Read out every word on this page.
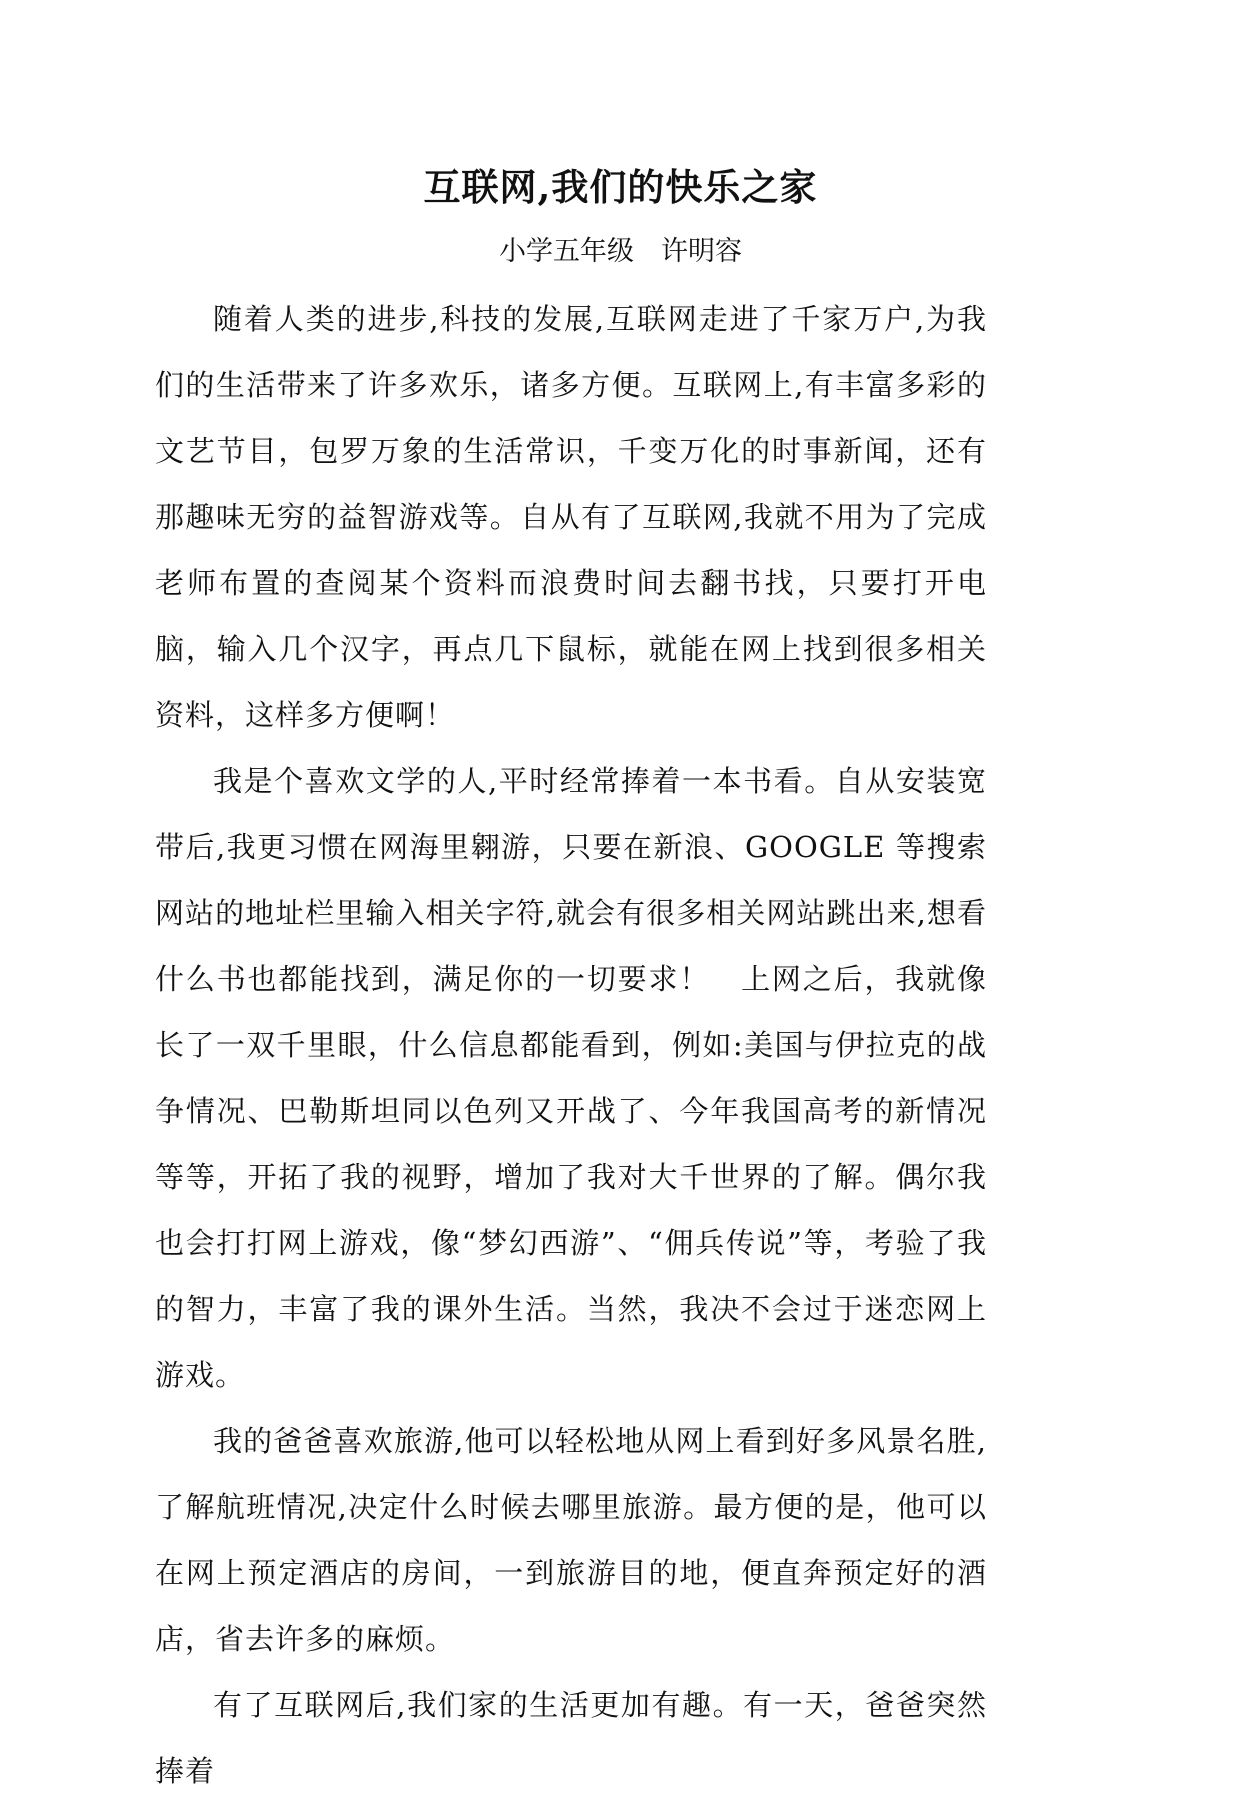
互联网,我们的快乐之家

小学五年级　许明容

随着人类的进步,科技的发展,互联网走进了千家万户,为我们的生活带来了许多欢乐，诸多方便。互联网上,有丰富多彩的文艺节目，包罗万象的生活常识，千变万化的时事新闻，还有那趣味无穷的益智游戏等。自从有了互联网,我就不用为了完成老师布置的查阅某个资料而浪费时间去翻书找，只要打开电脑，输入几个汉字，再点几下鼠标，就能在网上找到很多相关资料，这样多方便啊！

我是个喜欢文学的人,平时经常捧着一本书看。自从安装宽带后,我更习惯在网海里翱游，只要在新浪、GOOGLE 等搜索网站的地址栏里输入相关字符,就会有很多相关网站跳出来,想看什么书也都能找到，满足你的一切要求！　上网之后，我就像长了一双千里眼，什么信息都能看到，例如:美国与伊拉克的战争情况、巴勒斯坦同以色列又开战了、今年我国高考的新情况等等，开拓了我的视野，增加了我对大千世界的了解。偶尔我也会打打网上游戏，像“梦幻西游”、“佣兵传说”等，考验了我的智力，丰富了我的课外生活。当然，我决不会过于迷恋网上游戏。

我的爸爸喜欢旅游,他可以轻松地从网上看到好多风景名胜,了解航班情况,决定什么时候去哪里旅游。最方便的是，他可以在网上预定酒店的房间，一到旅游目的地，便直奔预定好的酒店，省去许多的麻烦。

有了互联网后,我们家的生活更加有趣。有一天，爸爸突然捧着
